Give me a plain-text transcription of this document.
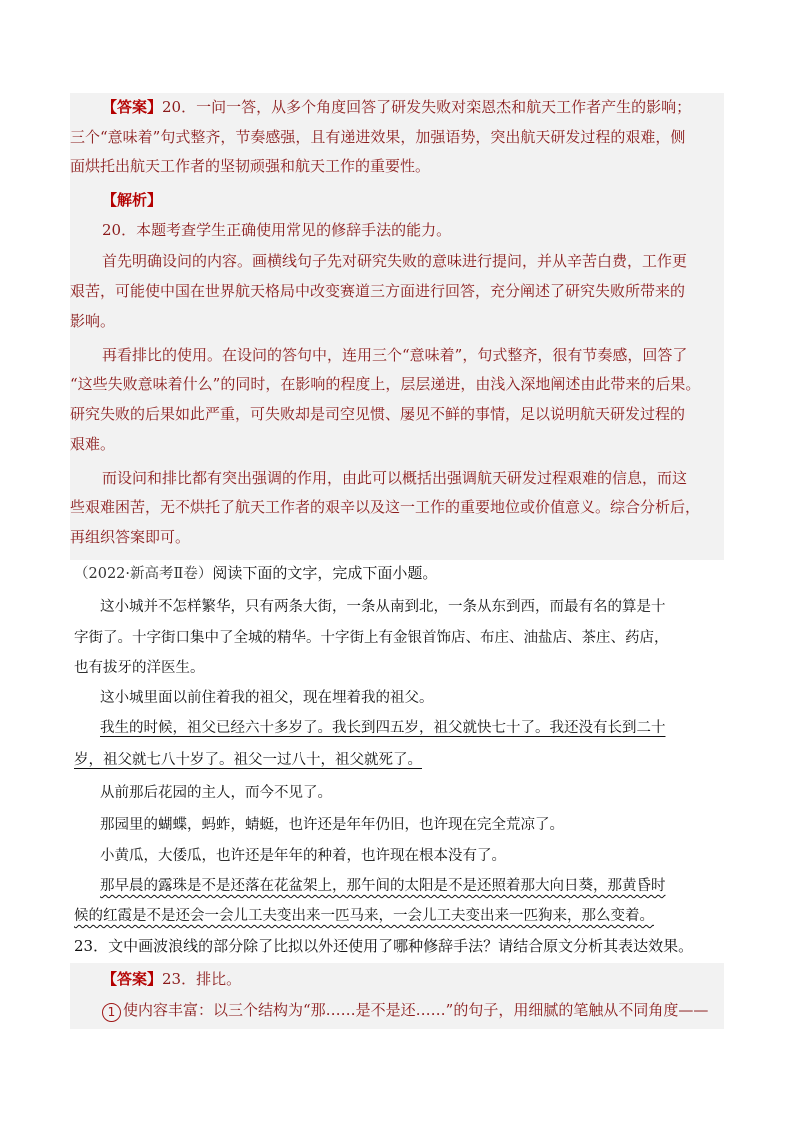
【答案】20．一问一答，从多个角度回答了研发失败对栾恩杰和航天工作者产生的影响；
三个“意味着”句式整齐，节奏感强，且有递进效果，加强语势，突出航天研发过程的艰难，侧
面烘托出航天工作者的坚韧顽强和航天工作的重要性。
【解析】
20．本题考查学生正确使用常见的修辞手法的能力。
首先明确设问的内容。画横线句子先对研究失败的意味进行提问，并从辛苦白费，工作更
艰苦，可能使中国在世界航天格局中改变赛道三方面进行回答，充分阐述了研究失败所带来的
影响。
再看排比的使用。在设问的答句中，连用三个“意味着”，句式整齐，很有节奏感，回答了
“这些失败意味着什么”的同时，在影响的程度上，层层递进，由浅入深地阐述由此带来的后果。
研究失败的后果如此严重，可失败却是司空见惯、屡见不鲜的事情，足以说明航天研发过程的
艰难。
而设问和排比都有突出强调的作用，由此可以概括出强调航天研发过程艰难的信息，而这
些艰难困苦，无不烘托了航天工作者的艰辛以及这一工作的重要地位或价值意义。综合分析后，
再组织答案即可。
（2022·新高考Ⅱ卷）阅读下面的文字，完成下面小题。
这小城并不怎样繁华，只有两条大街，一条从南到北，一条从东到西，而最有名的算是十
字街了。十字街口集中了全城的精华。十字街上有金银首饰店、布庄、油盐店、茶庄、药店，
也有拔牙的洋医生。
这小城里面以前住着我的祖父，现在埋着我的祖父。
我生的时候，祖父已经六十多岁了。我长到四五岁，祖父就快七十了。我还没有长到二十
岁，祖父就七八十岁了。祖父一过八十，祖父就死了。
从前那后花园的主人，而今不见了。
那园里的蝴蝶，蚂蚱，蜻蜓，也许还是年年仍旧，也许现在完全荒凉了。
小黄瓜，大倭瓜，也许还是年年的种着，也许现在根本没有了。
那早晨的露珠是不是还落在花盆架上，那午间的太阳是不是还照着那大向日葵，那黄昏时
候的红霞是不是还会一会儿工夫变出来一匹马来，一会儿工夫变出来一匹狗来，那么变着。
23．文中画波浪线的部分除了比拟以外还使用了哪种修辞手法？请结合原文分析其表达效果。
【答案】23．排比。
1 使内容丰富：以三个结构为“那……是不是还……”的句子，用细腻的笔触从不同角度——
